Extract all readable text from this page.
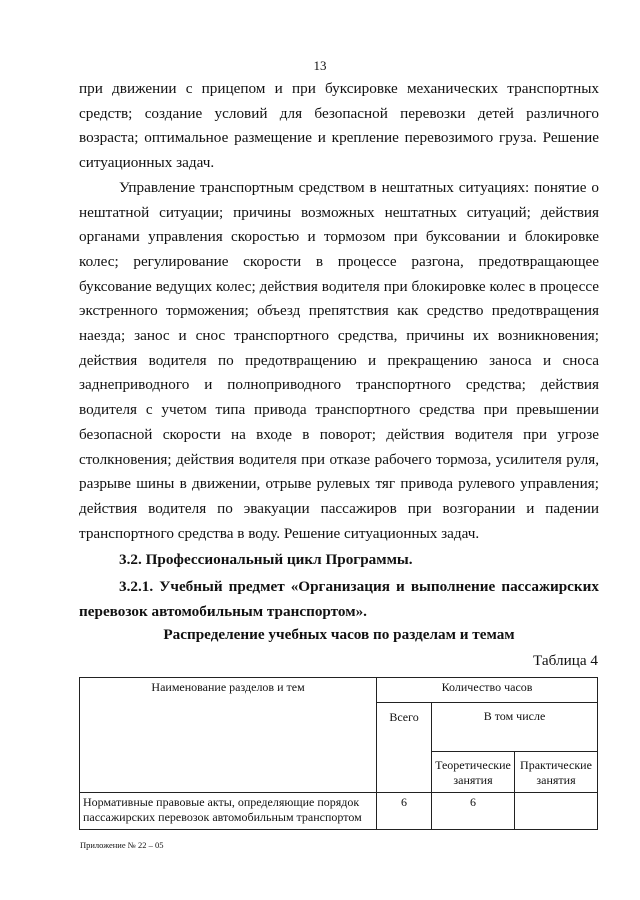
13

при движении с прицепом и при буксировке механических транспортных средств; создание условий для безопасной перевозки детей различного возраста; оптимальное размещение и крепление перевозимого груза. Решение ситуационных задач.

Управление транспортным средством в нештатных ситуациях: понятие о нештатной ситуации; причины возможных нештатных ситуаций; действия органами управления скоростью и тормозом при буксовании и блокировке колес; регулирование скорости в процессе разгона, предотвращающее буксование ведущих колес; действия водителя при блокировке колес в процессе экстренного торможения; объезд препятствия как средство предотвращения наезда; занос и снос транспортного средства, причины их возникновения; действия водителя по предотвращению и прекращению заноса и сноса заднеприводного и полноприводного транспортного средства; действия водителя с учетом типа привода транспортного средства при превышении безопасной скорости на входе в поворот; действия водителя при угрозе столкновения; действия водителя при отказе рабочего тормоза, усилителя руля, разрыве шины в движении, отрыве рулевых тяг привода рулевого управления; действия водителя по эвакуации пассажиров при возгорании и падении транспортного средства в воду. Решение ситуационных задач.

3.2. Профессиональный цикл Программы.

3.2.1. Учебный предмет «Организация и выполнение пассажирских перевозок автомобильным транспортом».

Распределение учебных часов по разделам и темам
Таблица 4
Наименование разделов и тем	Количество часов		
	Всего	В том числе	
		Теоретические занятия	Практические занятия
Нормативные правовые акты, определяющие порядок пассажирских перевозок автомобильным транспортом	6	6	
Приложение № 22 – 05
